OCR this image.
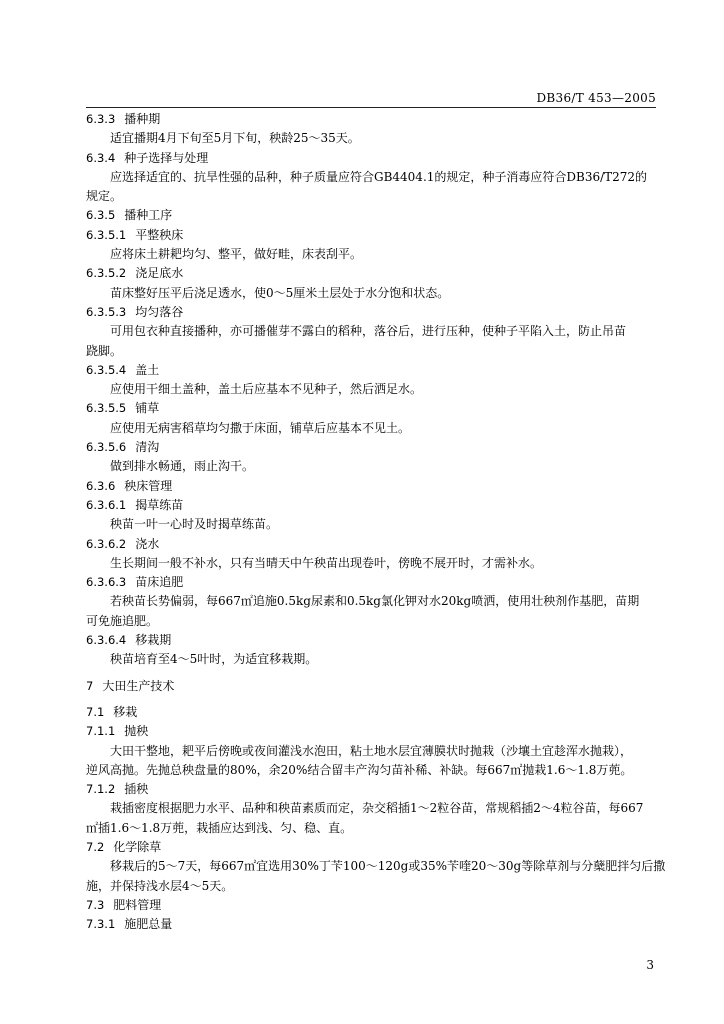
DB36/T 453—2005
6.3.3 播种期
适宜播期4月下旬至5月下旬，秧龄25～35天。
6.3.4 种子选择与处理
应选择适宜的、抗旱性强的品种，种子质量应符合GB4404.1的规定，种子消毒应符合DB36/T272的
规定。
6.3.5 播种工序
6.3.5.1 平整秧床
应将床土耕耙均匀、整平，做好畦，床表刮平。
6.3.5.2 浇足底水
苗床整好压平后浇足透水，使0～5厘米土层处于水分饱和状态。
6.3.5.3 均匀落谷
可用包衣种直接播种，亦可播催芽不露白的稻种，落谷后，进行压种，使种子平陷入土，防止吊苗
跷脚。
6.3.5.4 盖土
应使用干细土盖种，盖土后应基本不见种子，然后洒足水。
6.3.5.5 铺草
应使用无病害稻草均匀撒于床面，铺草后应基本不见土。
6.3.5.6 清沟
做到排水畅通，雨止沟干。
6.3.6 秧床管理
6.3.6.1 揭草练苗
秧苗一叶一心时及时揭草练苗。
6.3.6.2 浇水
生长期间一般不补水，只有当晴天中午秧苗出现卷叶，傍晚不展开时，才需补水。
6.3.6.3 苗床追肥
若秧苗长势偏弱，每667㎡追施0.5kg尿素和0.5kg氯化钾对水20kg喷洒，使用壮秧剂作基肥，苗期
可免施追肥。
6.3.6.4 移栽期
秧苗培育至4～5叶时，为适宜移栽期。
7 大田生产技术
7.1 移栽
7.1.1 抛秧
大田干整地，耙平后傍晚或夜间灌浅水泡田，粘土地水层宜薄膜状时抛栽（沙壤土宜趁浑水抛栽），
逆风高抛。先抛总秧盘量的80%，余20%结合留丰产沟匀苗补稀、补缺。每667㎡抛栽1.6～1.8万蔸。
7.1.2 插秧
栽插密度根据肥力水平、品种和秧苗素质而定，杂交稻插1～2粒谷苗，常规稻插2～4粒谷苗，每667
㎡插1.6～1.8万蔸，栽插应达到浅、匀、稳、直。
7.2 化学除草
移栽后的5～7天，每667㎡宜选用30%丁苄100～120g或35%苄喹20～30g等除草剂与分蘖肥拌匀后撒
施，并保持浅水层4～5天。
7.3 肥料管理
7.3.1 施肥总量
3
